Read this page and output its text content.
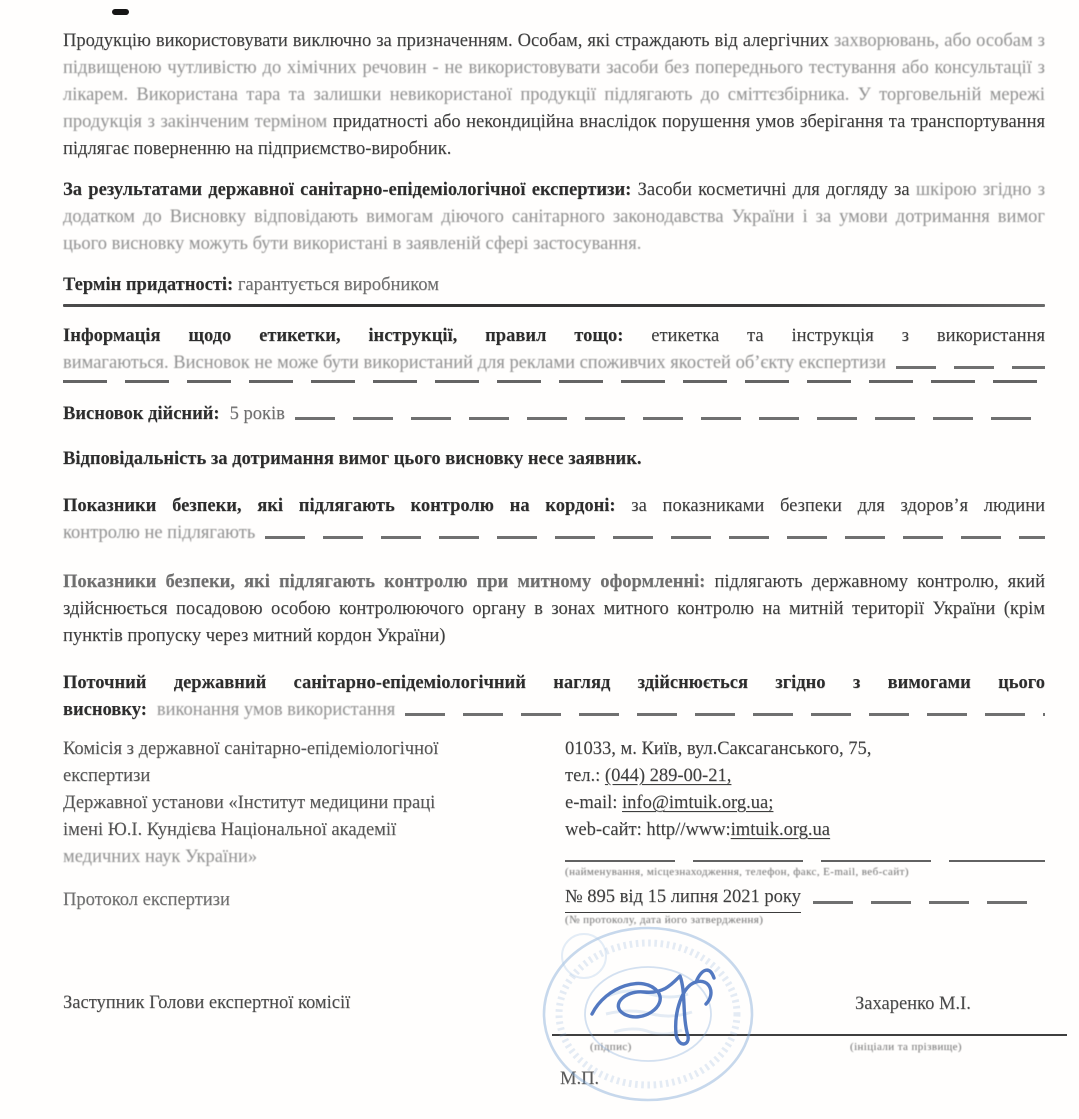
Продукцію використовувати виключно за призначенням. Особам, які страждають від алергічних захворювань, або особам з підвищеною чутливістю до хімічних речовин - не використовувати засоби без попереднього тестування або консультації з лікарем. Використана тара та залишки невикористаної продукції підлягають до сміттєзбірника. У торговельній мережі продукція з закінченим терміном придатності або некондиційна внаслідок порушення умов зберігання та транспортування підлягає поверненню на підприємство-виробник.

За результатами державної санітарно-епідеміологічної експертизи: Засоби косметичні для догляду за шкірою згідно з додатком до Висновку відповідають вимогам діючого санітарного законодавства України і за умови дотримання вимог цього висновку можуть бути використані в заявленій сфері застосування.

Термін придатності: гарантується виробником

Інформація щодо етикетки, інструкції, правил тощо: етикетка та інструкція з використання

вимагаються. Висновок не може бути використаний для реклами споживчих якостей об’єкту експертизи
Висновок дійсний: 5 років

Відповідальність за дотримання вимог цього висновку несе заявник.

Показники безпеки, які підлягають контролю на кордоні: за показниками безпеки для здоров’я людини

контролю не підлягають

Показники безпеки, які підлягають контролю при митному оформленні: підлягають державному контролю, який здійснюється посадовою особою контролюючого органу в зонах митного контролю на митній території України (крім пунктів пропуску через митний кордон України)

Поточний державний санітарно-епідеміологічний нагляд здійснюється згідно з вимогами цього

висновку: виконання умов використання
Комісія з державної санітарно-епідеміологічної
експертизи
Державної установи «Інститут медицини праці
імені Ю.І. Кундієва Національної академії
медичних наук України»
Протокол експертизи
01033, м. Київ, вул.Саксаганського, 75,
тел.: (044) 289-00-21,
e-mail: info@imtuik.org.ua;
web-сайт: http//www:imtuik.org.ua
(найменування, місцезнаходження, телефон, факс, E-mail, веб-сайт)
№ 895 від 15 липня 2021 року
(№ протоколу, дата його затвердження)
Заступник Голови експертної комісії
(підпис)
Захаренко М.І.
(ініціали та прізвище)
М.П.
